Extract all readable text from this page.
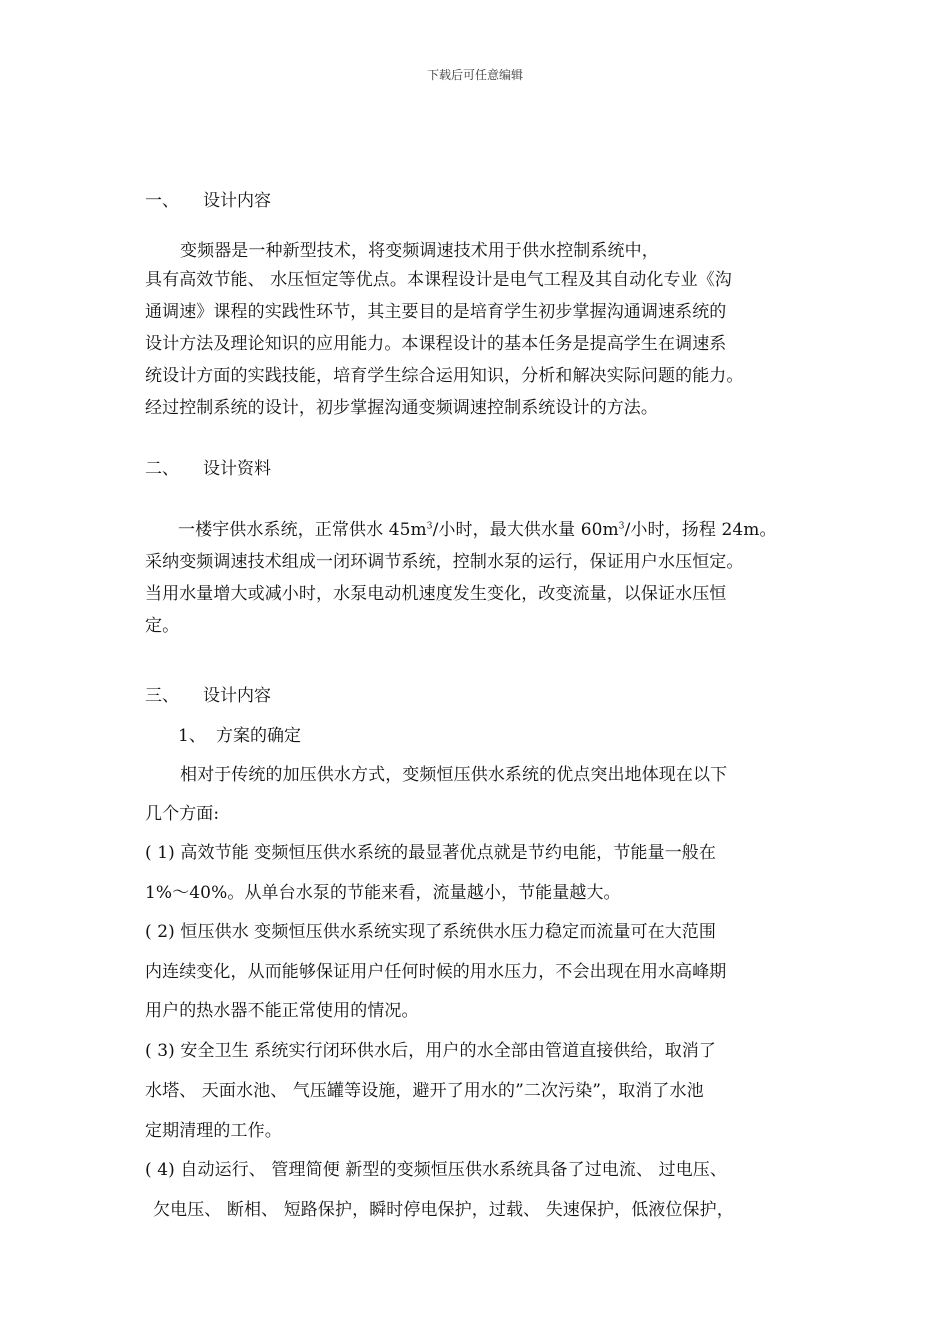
下载后可任意编辑
一、 设计内容
变频器是一种新型技术，将变频调速技术用于供水控制系统中，
具有高效节能、 水压恒定等优点。本课程设计是电气工程及其自动化专业《沟
通调速》课程的实践性环节，其主要目的是培育学生初步掌握沟通调速系统的
设计方法及理论知识的应用能力。本课程设计的基本任务是提高学生在调速系
统设计方面的实践技能，培育学生综合运用知识，分析和解决实际问题的能力。
经过控制系统的设计，初步掌握沟通变频调速控制系统设计的方法。
二、 设计资料
一楼宇供水系统，正常供水 $45m^3/$小时，最大供水量 $60m^3/$小时，扬程 24m。
采纳变频调速技术组成一闭环调节系统，控制水泵的运行，保证用户水压恒定。
当用水量增大或减小时，水泵电动机速度发生变化，改变流量，以保证水压恒
定。
三、 设计内容
1、 方案的确定
相对于传统的加压供水方式，变频恒压供水系统的优点突出地体现在以下
几个方面:
( 1) 高效节能 变频恒压供水系统的最显著优点就是节约电能，节能量一般在
1%～40%。从单台水泵的节能来看，流量越小，节能量越大。
( 2) 恒压供水 变频恒压供水系统实现了系统供水压力稳定而流量可在大范围
内连续变化，从而能够保证用户任何时候的用水压力，不会出现在用水高峰期
用户的热水器不能正常使用的情况。
( 3) 安全卫生 系统实行闭环供水后，用户的水全部由管道直接供给，取消了
水塔、 天面水池、 气压罐等设施，避开了用水的”二次污染”，取消了水池
定期清理的工作。
( 4) 自动运行、 管理简便 新型的变频恒压供水系统具备了过电流、 过电压、
欠电压、 断相、 短路保护，瞬时停电保护，过载、 失速保护，低液位保护，
